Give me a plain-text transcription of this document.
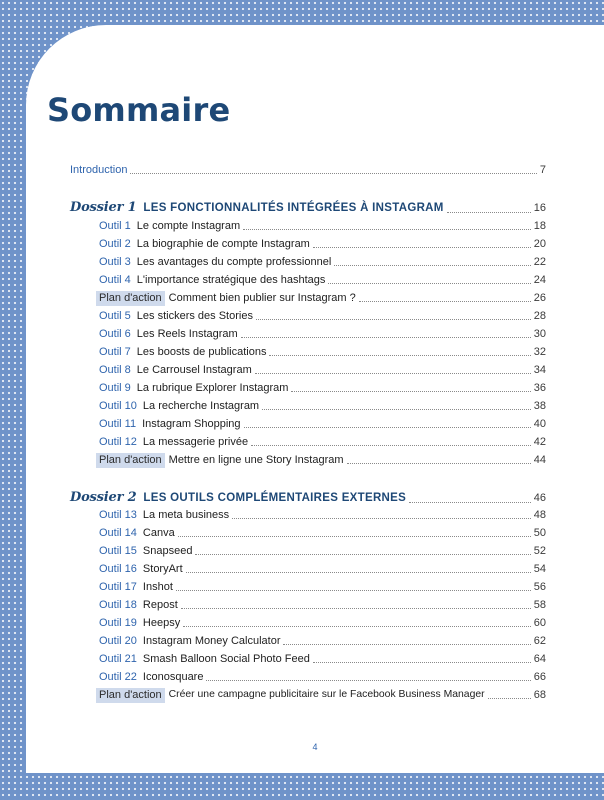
Sommaire
Introduction	7
Dossier 1 LES FONCTIONNALITÉS INTÉGRÉES À INSTAGRAM	16
Outil 1 Le compte Instagram	18
Outil 2 La biographie de compte Instagram	20
Outil 3 Les avantages du compte professionnel	22
Outil 4 L'importance stratégique des hashtags	24
Plan d'action Comment bien publier sur Instagram ?	26
Outil 5 Les stickers des Stories	28
Outil 6 Les Reels Instagram	30
Outil 7 Les boosts de publications	32
Outil 8 Le Carrousel Instagram	34
Outil 9 La rubrique Explorer Instagram	36
Outil 10 La recherche Instagram	38
Outil 11 Instagram Shopping	40
Outil 12 La messagerie privée	42
Plan d'action Mettre en ligne une Story Instagram	44
Dossier 2 LES OUTILS COMPLÉMENTAIRES EXTERNES	46
Outil 13 La meta business	48
Outil 14 Canva	50
Outil 15 Snapseed	52
Outil 16 StoryArt	54
Outil 17 Inshot	56
Outil 18 Repost	58
Outil 19 Heepsy	60
Outil 20 Instagram Money Calculator	62
Outil 21 Smash Balloon Social Photo Feed	64
Outil 22 Iconosquare	66
Plan d'action Créer une campagne publicitaire sur le Facebook Business Manager	68
4
